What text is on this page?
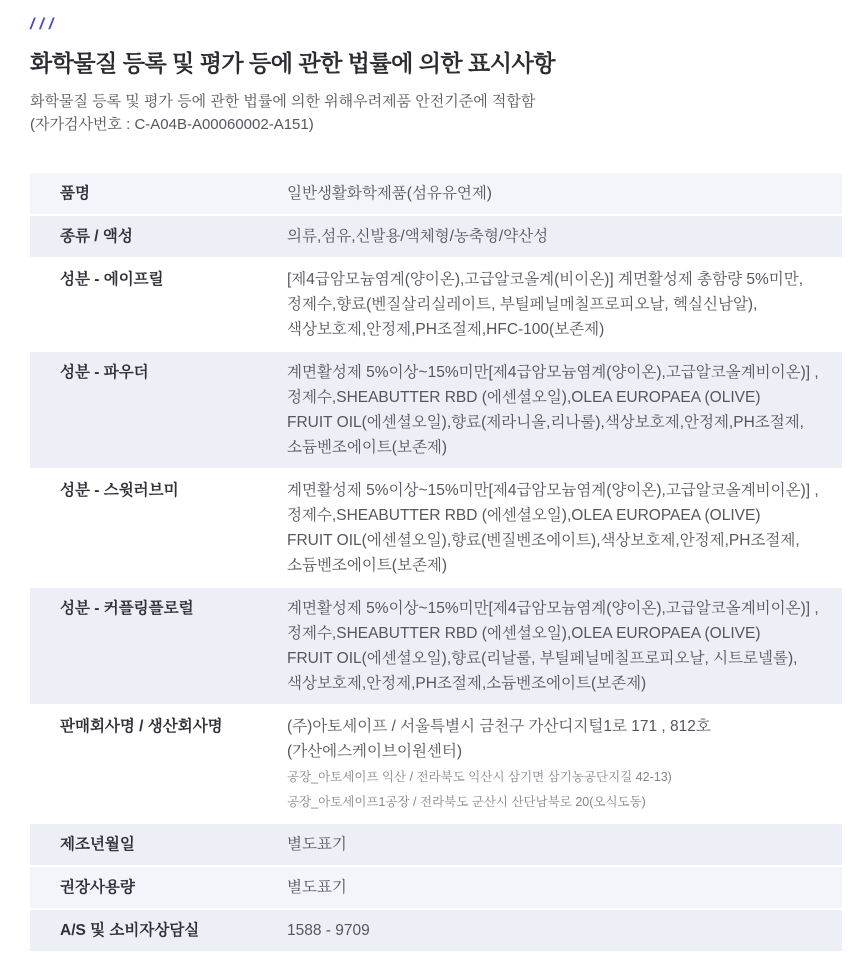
///
화학물질 등록 및 평가 등에 관한 법률에 의한 표시사항
화학물질 등록 및 평가 등에 관한 법률에 의한 위해우려제품 안전기준에 적합함
(자가검사번호 : C-A04B-A00060002-A151)
품명	일반생활화학제품(섬유유연제)
종류 / 액성	의류,섬유,신발용/액체형/농축형/약산성
성분 - 에이프릴	[제4급암모늄염계(양이온),고급알코올계(비이온)] 계면활성제 총함량 5%미만,
정제수,향료(벤질살리실레이트, 부틸페닐메칠프로피오날, 헥실신남알),
색상보호제,안정제,PH조절제,HFC-100(보존제)
성분 - 파우더	계면활성제 5%이상~15%미만[제4급암모늄염계(양이온),고급알코올계비이온)] ,
정제수,SHEABUTTER RBD (에센셜오일),OLEA EUROPAEA (OLIVE)
FRUIT OIL(에센셜오일),향료(제라니올,리나룰),색상보호제,안정제,PH조절제,
소듐벤조에이트(보존제)
성분 - 스윗러브미	계면활성제 5%이상~15%미만[제4급암모늄염계(양이온),고급알코올계비이온)] ,
정제수,SHEABUTTER RBD (에센셜오일),OLEA EUROPAEA (OLIVE)
FRUIT OIL(에센셜오일),향료(벤질벤조에이트),색상보호제,안정제,PH조절제,
소듐벤조에이트(보존제)
성분 - 커플링플로럴	계면활성제 5%이상~15%미만[제4급암모늄염계(양이온),고급알코올계비이온)] ,
정제수,SHEABUTTER RBD (에센셜오일),OLEA EUROPAEA (OLIVE)
FRUIT OIL(에센셜오일),향료(리날룰, 부틸페닐메칠프로피오날, 시트로넬롤),
색상보호제,안정제,PH조절제,소듐벤조에이트(보존제)
판매회사명 / 생산회사명	(주)아토세이프 / 서울특별시 금천구 가산디지털1로 171 , 812호
(가산에스케이브이원센터)
공장_아토세이프 익산 / 전라북도 익산시 삼기면 삼기농공단지길 42-13)
공장_아토세이프1공장 / 전라북도 군산시 산단남북로 20(오식도동)
제조년월일	별도표기
권장사용량	별도표기
A/S 및 소비자상담실	1588 - 9709
